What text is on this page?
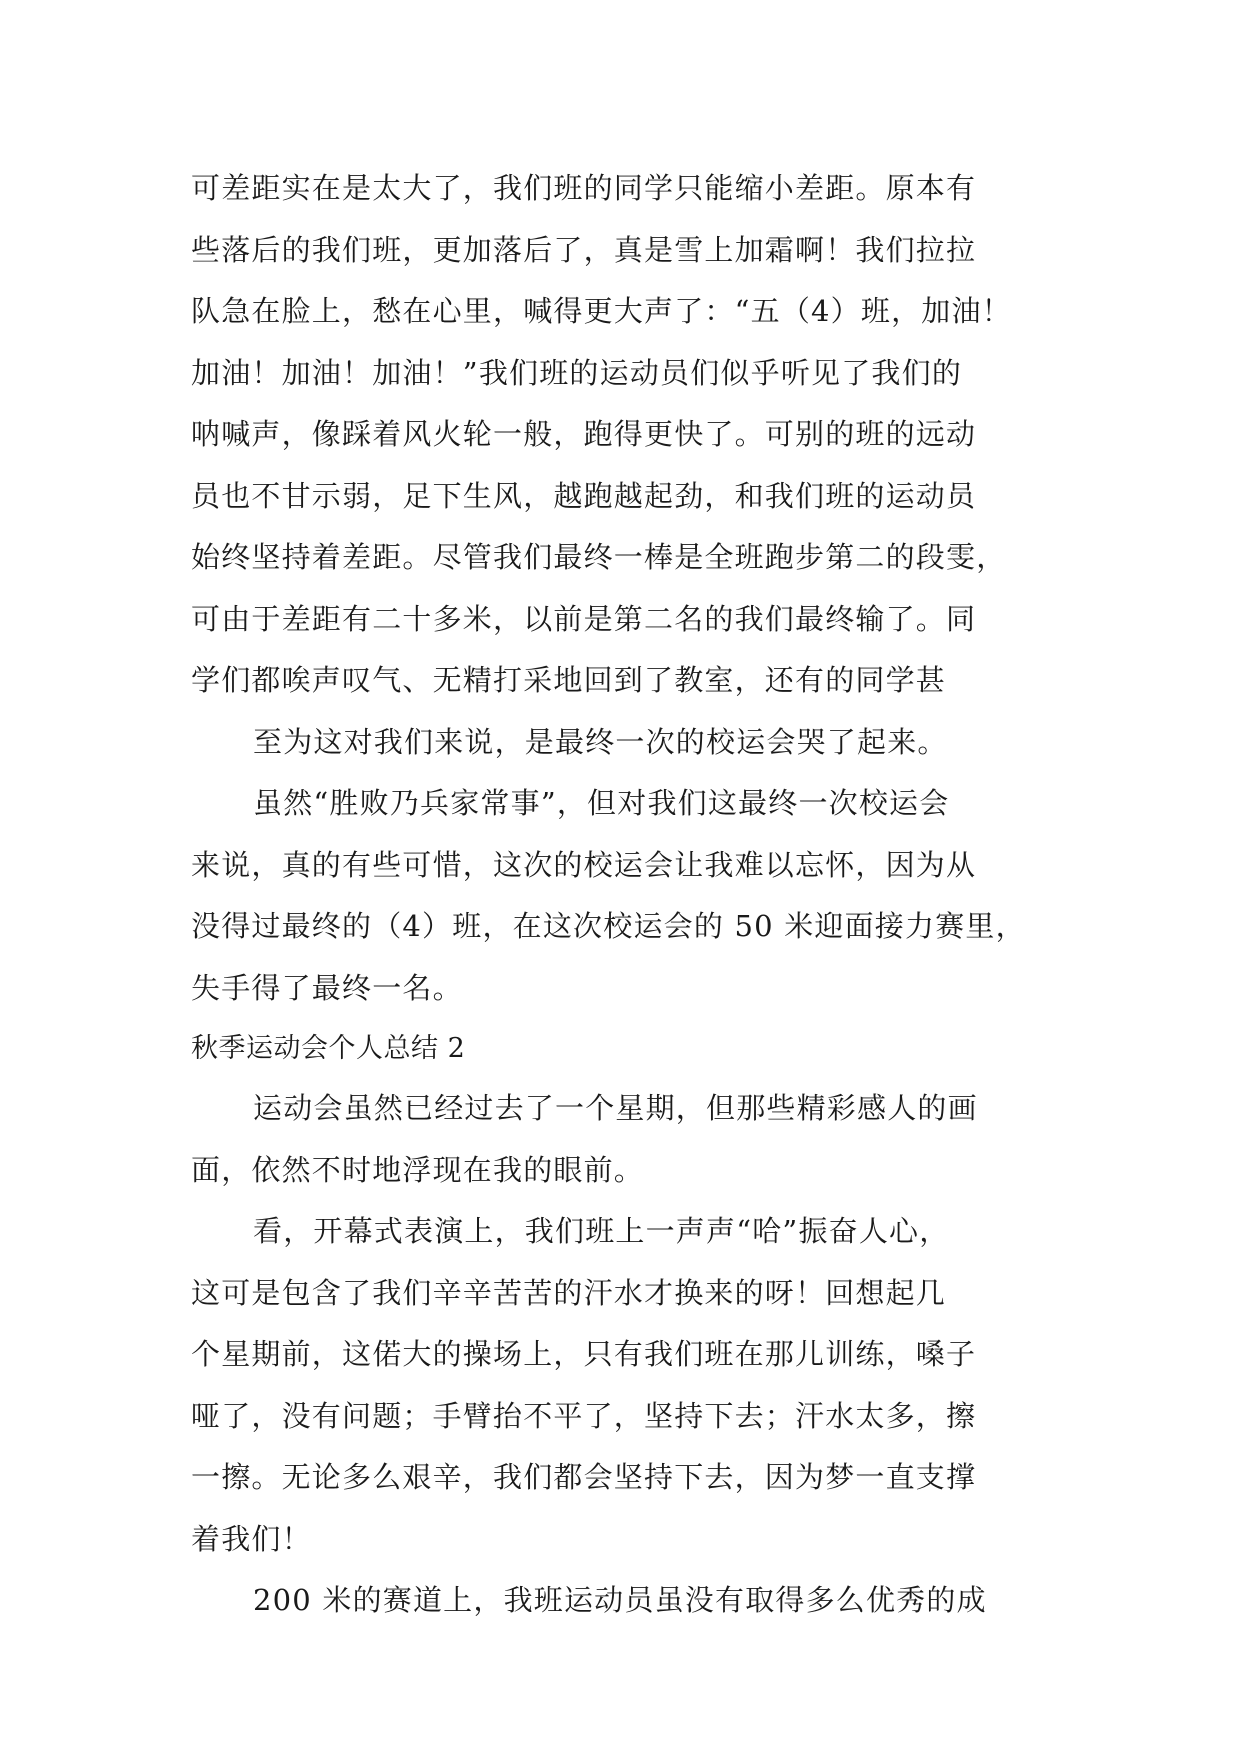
可差距实在是太大了，我们班的同学只能缩小差距。原本有
些落后的我们班，更加落后了，真是雪上加霜啊！我们拉拉
队急在脸上，愁在心里，喊得更大声了：“五（4）班，加油！
加油！加油！加油！”我们班的运动员们似乎听见了我们的
呐喊声，像踩着风火轮一般，跑得更快了。可别的班的远动
员也不甘示弱，足下生风，越跑越起劲，和我们班的运动员
始终坚持着差距。尽管我们最终一棒是全班跑步第二的段雯，
可由于差距有二十多米，以前是第二名的我们最终输了。同
学们都唉声叹气、无精打采地回到了教室，还有的同学甚
至为这对我们来说，是最终一次的校运会哭了起来。
虽然“胜败乃兵家常事”，但对我们这最终一次校运会
来说，真的有些可惜，这次的校运会让我难以忘怀，因为从
没得过最终的（4）班，在这次校运会的 50 米迎面接力赛里，
失手得了最终一名。
秋季运动会个人总结 2
运动会虽然已经过去了一个星期，但那些精彩感人的画
面，依然不时地浮现在我的眼前。
看，开幕式表演上，我们班上一声声“哈”振奋人心，
这可是包含了我们辛辛苦苦的汗水才换来的呀！回想起几
个星期前，这偌大的操场上，只有我们班在那儿训练，嗓子
哑了，没有问题；手臂抬不平了，坚持下去；汗水太多，擦
一擦。无论多么艰辛，我们都会坚持下去，因为梦一直支撑
着我们！
200 米的赛道上，我班运动员虽没有取得多么优秀的成
